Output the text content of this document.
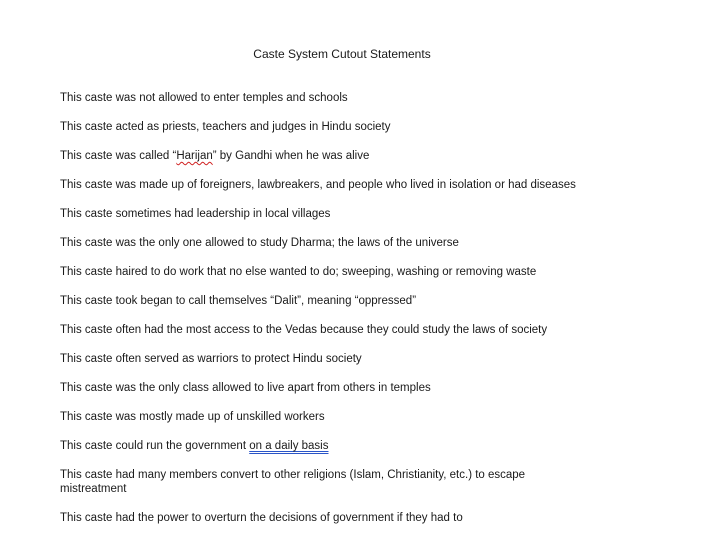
Caste System Cutout Statements
This caste was not allowed to enter temples and schools
This caste acted as priests, teachers and judges in Hindu society
This caste was called “Harijan” by Gandhi when he was alive
This caste was made up of foreigners, lawbreakers, and people who lived in isolation or had diseases
This caste sometimes had leadership in local villages
This caste was the only one allowed to study Dharma; the laws of the universe
This caste haired to do work that no else wanted to do; sweeping, washing or removing waste
This caste took began to call themselves “Dalit”, meaning “oppressed”
This caste often had the most access to the Vedas because they could study the laws of society
This caste often served as warriors to protect Hindu society
This caste was the only class allowed to live apart from others in temples
This caste was mostly made up of unskilled workers
This caste could run the government on a daily basis
This caste had many members convert to other religions (Islam, Christianity, etc.) to escape mistreatment
This caste had the power to overturn the decisions of government if they had to
